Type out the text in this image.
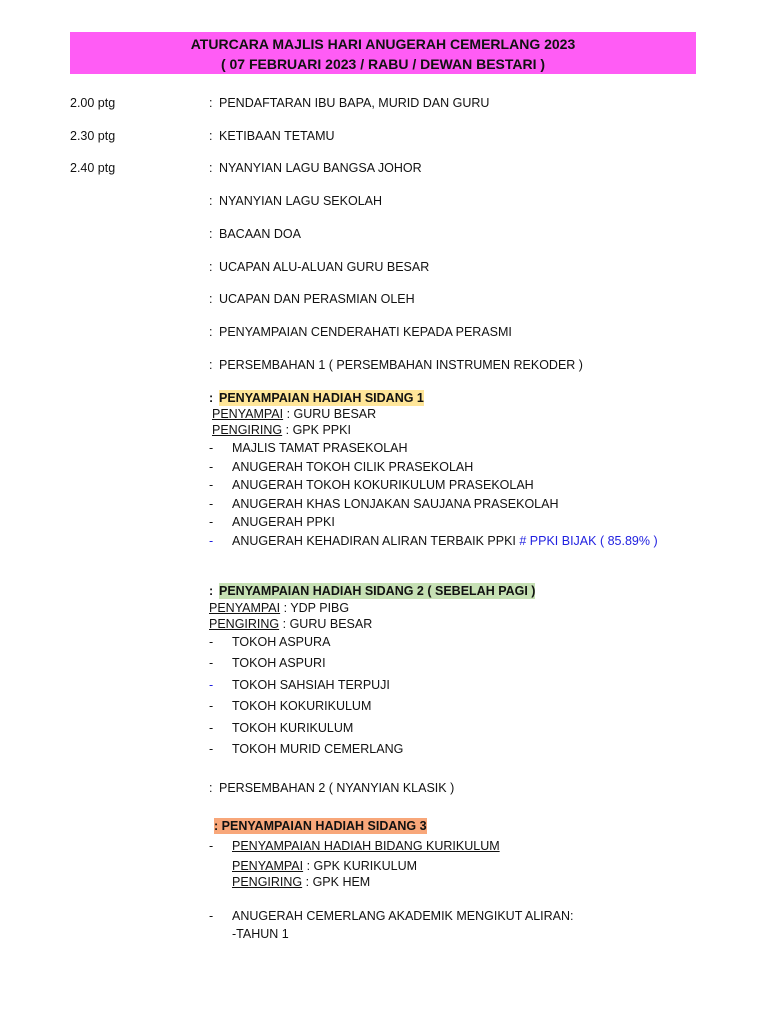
ATURCARA MAJLIS HARI ANUGERAH CEMERLANG 2023
( 07 FEBRUARI 2023 / RABU / DEWAN BESTARI )
2.00 ptg	: PENDAFTARAN IBU BAPA, MURID DAN GURU
2.30 ptg	: KETIBAAN TETAMU
2.40 ptg	: NYANYIAN LAGU BANGSA JOHOR
: NYANYIAN LAGU SEKOLAH
: BACAAN DOA
: UCAPAN ALU-ALUAN GURU BESAR
: UCAPAN DAN PERASMIAN OLEH
: PENYAMPAIAN CENDERAHATI KEPADA PERASMI
: PERSEMBAHAN 1 ( PERSEMBAHAN INSTRUMEN REKODER )
: PENYAMPAIAN HADIAH SIDANG 1
PENYAMPAI : GURU BESAR
PENGIRING : GPK PPKI
- MAJLIS TAMAT PRASEKOLAH
- ANUGERAH TOKOH CILIK PRASEKOLAH
- ANUGERAH TOKOH KOKURIKULUM PRASEKOLAH
- ANUGERAH KHAS LONJAKAN SAUJANA PRASEKOLAH
- ANUGERAH PPKI
- ANUGERAH KEHADIRAN ALIRAN TERBAIK PPKI # PPKI BIJAK ( 85.89% )
: PENYAMPAIAN HADIAH SIDANG 2 ( SEBELAH PAGI )
PENYAMPAI : YDP PIBG
PENGIRING : GURU BESAR
- TOKOH ASPURA
- TOKOH ASPURI
- TOKOH SAHSIAH TERPUJI
- TOKOH KOKURIKULUM
- TOKOH KURIKULUM
- TOKOH MURID CEMERLANG
: PERSEMBAHAN 2 ( NYANYIAN KLASIK )
: PENYAMPAIAN HADIAH SIDANG 3
- PENYAMPAIAN HADIAH BIDANG KURIKULUM
PENYAMPAI : GPK KURIKULUM
PENGIRING : GPK HEM
- ANUGERAH CEMERLANG AKADEMIK MENGIKUT ALIRAN:
-TAHUN 1
